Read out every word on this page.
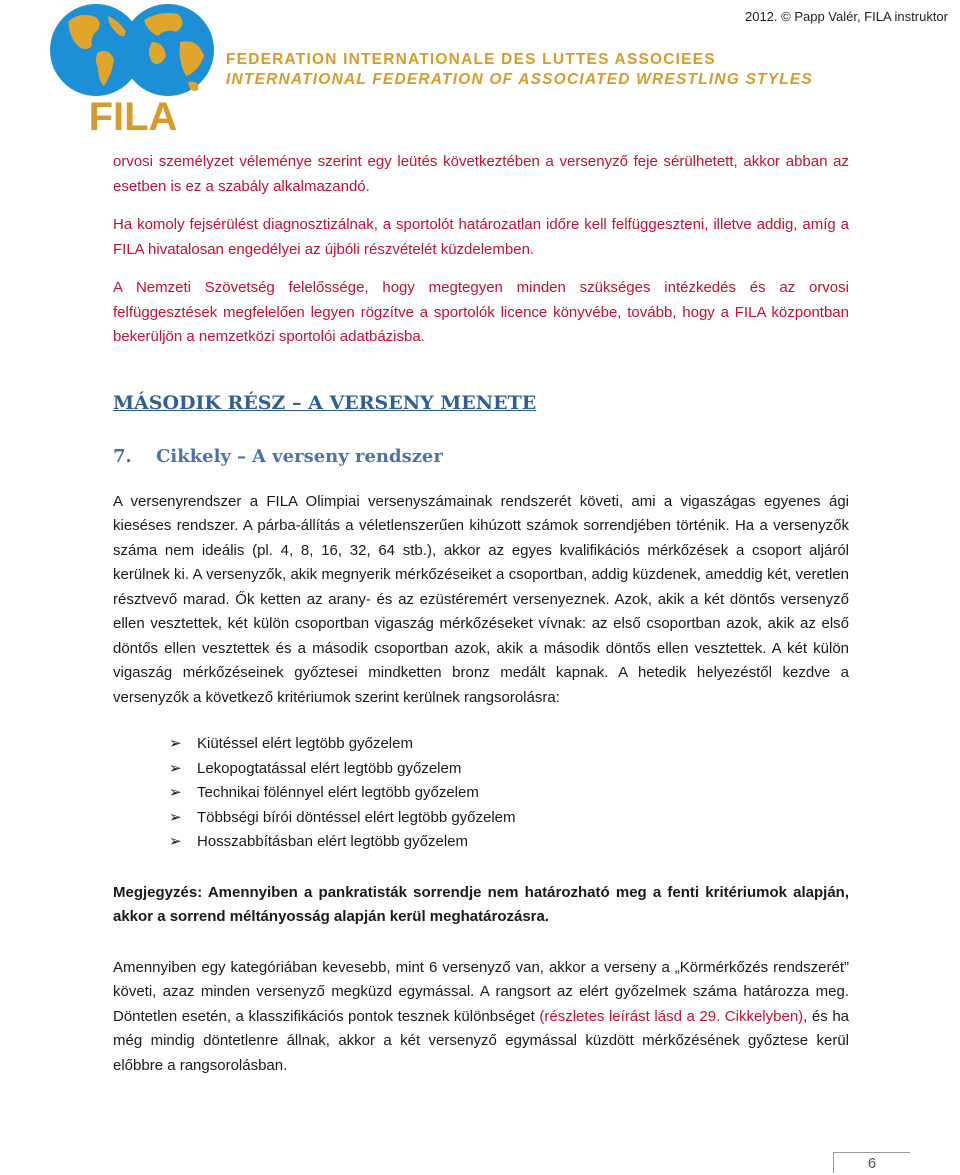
2012. © Papp Valér, FILA instruktor
FILA
FEDERATION INTERNATIONALE DES LUTTES ASSOCIEES
INTERNATIONAL FEDERATION OF ASSOCIATED WRESTLING STYLES

orvosi személyzet véleménye szerint egy leütés következtében a versenyző feje sérülhetett, akkor abban az esetben is ez a szabály alkalmazandó.

Ha komoly fejsérülést diagnosztizálnak, a sportolót határozatlan időre kell felfüggeszteni, illetve addig, amíg a FILA hivatalosan engedélyei az újbóli részvételét küzdelemben.

A Nemzeti Szövetség felelőssége, hogy megtegyen minden szükséges intézkedés és az orvosi felfüggesztések megfelelően legyen rögzítve a sportolók licence könyvébe, tovább, hogy a FILA központban bekerüljön a nemzetközi sportolói adatbázisba.

MÁSODIK RÉSZ – A VERSENY MENETE
7. Cikkely – A verseny rendszer

A versenyrendszer a FILA Olimpiai versenyszámainak rendszerét követi, ami a vigaszágas egyenes ági kieséses rendszer. A párba-állítás a véletlenszerűen kihúzott számok sorrendjében történik. Ha a versenyzők száma nem ideális (pl. 4, 8, 16, 32, 64 stb.), akkor az egyes kvalifikációs mérkőzések a csoport aljáról kerülnek ki. A versenyzők, akik megnyerik mérkőzéseiket a csoportban, addig küzdenek, ameddig két, veretlen résztvevő marad. Ők ketten az arany- és az ezüstéremért versenyeznek. Azok, akik a két döntős versenyző ellen vesztettek, két külön csoportban vigaszág mérkőzéseket vívnak: az első csoportban azok, akik az első döntős ellen vesztettek és a második csoportban azok, akik a második döntős ellen vesztettek. A két külön vigaszág mérkőzéseinek győztesei mindketten bronz medált kapnak. A hetedik helyezéstől kezdve a versenyzők a következő kritériumok szerint kerülnek rangsorolásra:

➢ Kiütéssel elért legtöbb győzelem
➢ Lekopogtatással elért legtöbb győzelem
➢ Technikai fölénnyel elért legtöbb győzelem
➢ Többségi bírói döntéssel elért legtöbb győzelem
➢ Hosszabbításban elért legtöbb győzelem

Megjegyzés: Amennyiben a pankratisták sorrendje nem határozható meg a fenti kritériumok alapján, akkor a sorrend méltányosság alapján kerül meghatározásra.

Amennyiben egy kategóriában kevesebb, mint 6 versenyző van, akkor a verseny a „Körmérkőzés rendszerét” követi, azaz minden versenyző megküzd egymással. A rangsort az elért győzelmek száma határozza meg. Döntetlen esetén, a klasszifikációs pontok tesznek különbséget (részletes leírást lásd a 29. Cikkelyben), és ha még mindig döntetlenre állnak, akkor a két versenyző egymással küzdött mérkőzésének győztese kerül előbbre a rangsorolásban.

6
